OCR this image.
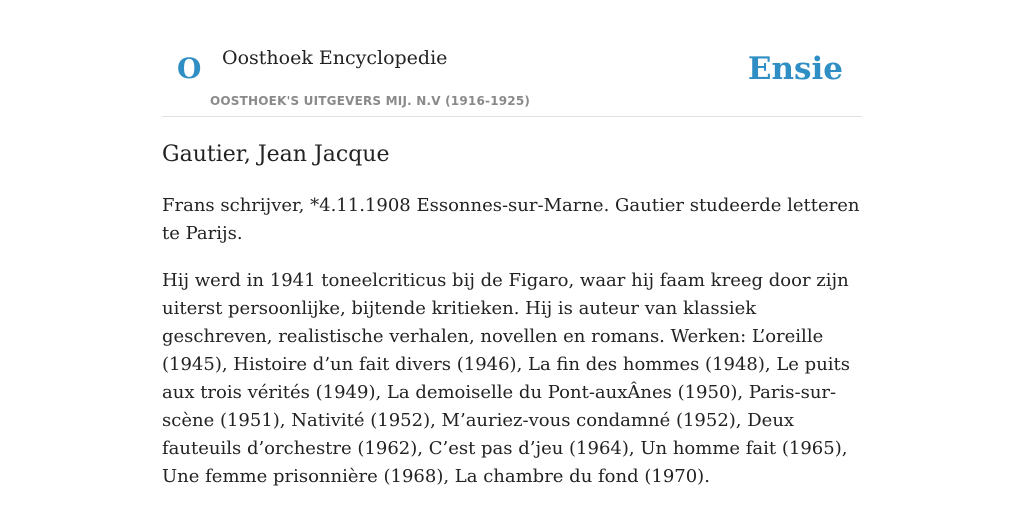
O Oosthoek Encyclopedie
OOSTHOEK'S UITGEVERS MIJ. N.V (1916-1925)
Ensie
Gautier, Jean Jacque

Frans schrijver, *4.11.1908 Essonnes-sur-Marne. Gautier studeerde letteren te Parijs.

Hij werd in 1941 toneelcriticus bij de Figaro, waar hij faam kreeg door zijn uiterst persoonlijke, bijtende kritieken. Hij is auteur van klassiek geschreven, realistische verhalen, novellen en romans. Werken: L’oreille (1945), Histoire d’un fait divers (1946), La fin des hommes (1948), Le puits aux trois vérités (1949), La demoiselle du Pont-auxÂnes (1950), Paris-sur-scène (1951), Nativité (1952), M’auriez-vous condamné (1952), Deux fauteuils d’orchestre (1962), C’est pas d’jeu (1964), Un homme fait (1965), Une femme prisonnière (1968), La chambre du fond (1970).
